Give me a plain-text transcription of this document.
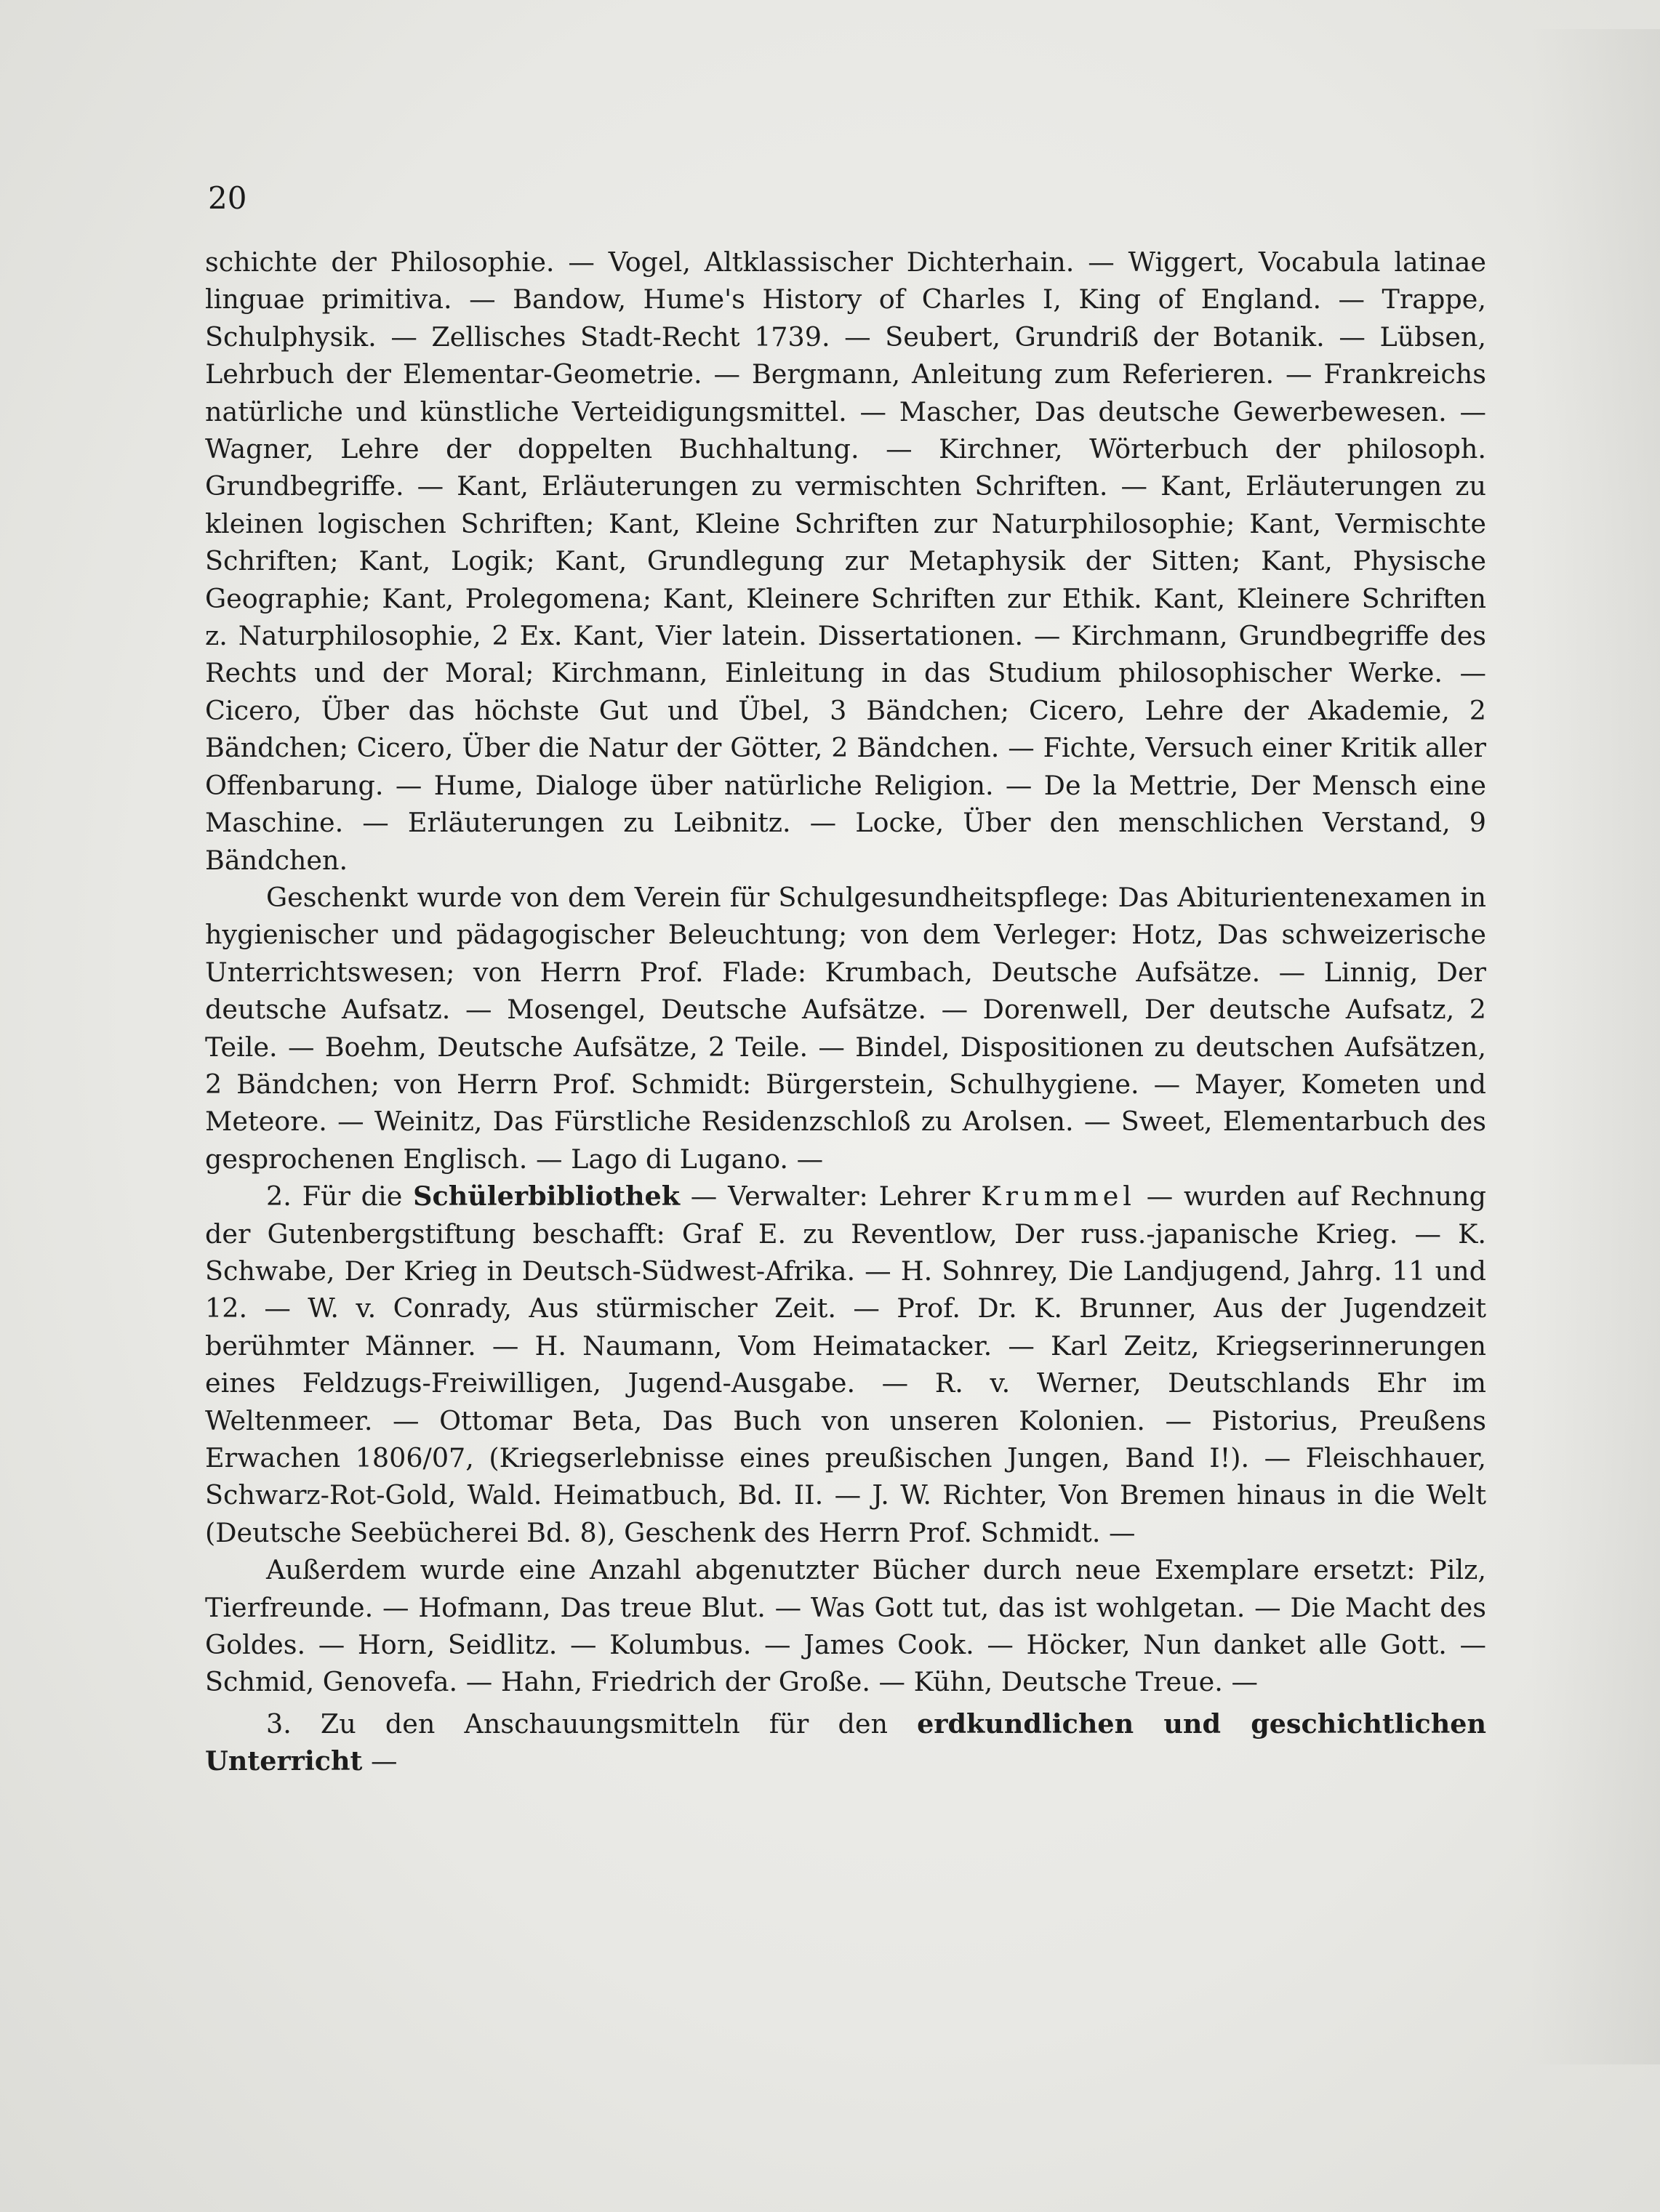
20

schichte der Philosophie. — Vogel, Altklassischer Dichterhain. — Wiggert, Vocabula latinae linguae primitiva. — Bandow, Hume's History of Charles I, King of England. — Trappe, Schulphysik. — Zellisches Stadt-Recht 1739. — Seubert, Grundriß der Botanik. — Lübsen, Lehrbuch der Elementar-Geometrie. — Bergmann, Anleitung zum Referieren. — Frankreichs natürliche und künstliche Verteidigungsmittel. — Mascher, Das deutsche Gewerbewesen. — Wagner, Lehre der doppelten Buchhaltung. — Kirchner, Wörterbuch der philosoph. Grundbegriffe. — Kant, Erläuterungen zu vermischten Schriften. — Kant, Erläuterungen zu kleinen logischen Schriften; Kant, Kleine Schriften zur Naturphilosophie; Kant, Vermischte Schriften; Kant, Logik; Kant, Grundlegung zur Metaphysik der Sitten; Kant, Physische Geographie; Kant, Prolegomena; Kant, Kleinere Schriften zur Ethik. Kant, Kleinere Schriften z. Naturphilosophie, 2 Ex. Kant, Vier latein. Dissertationen. — Kirchmann, Grundbegriffe des Rechts und der Moral; Kirchmann, Einleitung in das Studium philosophischer Werke. — Cicero, Über das höchste Gut und Übel, 3 Bändchen; Cicero, Lehre der Akademie, 2 Bändchen; Cicero, Über die Natur der Götter, 2 Bändchen. — Fichte, Versuch einer Kritik aller Offenbarung. — Hume, Dialoge über natürliche Religion. — De la Mettrie, Der Mensch eine Maschine. — Erläuterungen zu Leibnitz. — Locke, Über den menschlichen Verstand, 9 Bändchen.

Geschenkt wurde von dem Verein für Schulgesundheitspflege: Das Abiturientenexamen in hygienischer und pädagogischer Beleuchtung; von dem Verleger: Hotz, Das schweizerische Unterrichtswesen; von Herrn Prof. Flade: Krumbach, Deutsche Aufsätze. — Linnig, Der deutsche Aufsatz. — Mosengel, Deutsche Aufsätze. — Dorenwell, Der deutsche Aufsatz, 2 Teile. — Boehm, Deutsche Aufsätze, 2 Teile. — Bindel, Dispositionen zu deutschen Aufsätzen, 2 Bändchen; von Herrn Prof. Schmidt: Bürgerstein, Schulhygiene. — Mayer, Kometen und Meteore. — Weinitz, Das Fürstliche Residenzschloß zu Arolsen. — Sweet, Elementarbuch des gesprochenen Englisch. — Lago di Lugano. —

2. Für die Schülerbibliothek — Verwalter: Lehrer Krummel — wurden auf Rechnung der Gutenbergstiftung beschafft: Graf E. zu Reventlow, Der russ.-japanische Krieg. — K. Schwabe, Der Krieg in Deutsch-Südwest-Afrika. — H. Sohnrey, Die Landjugend, Jahrg. 11 und 12. — W. v. Conrady, Aus stürmischer Zeit. — Prof. Dr. K. Brunner, Aus der Jugendzeit berühmter Männer. — H. Naumann, Vom Heimatacker. — Karl Zeitz, Kriegserinnerungen eines Feldzugs-Freiwilligen, Jugend-Ausgabe. — R. v. Werner, Deutschlands Ehr im Weltenmeer. — Ottomar Beta, Das Buch von unseren Kolonien. — Pistorius, Preußens Erwachen 1806/07, (Kriegserlebnisse eines preußischen Jungen, Band I!). — Fleischhauer, Schwarz-Rot-Gold, Wald. Heimatbuch, Bd. II. — J. W. Richter, Von Bremen hinaus in die Welt (Deutsche Seebücherei Bd. 8), Geschenk des Herrn Prof. Schmidt. —

Außerdem wurde eine Anzahl abgenutzter Bücher durch neue Exemplare ersetzt: Pilz, Tierfreunde. — Hofmann, Das treue Blut. — Was Gott tut, das ist wohlgetan. — Die Macht des Goldes. — Horn, Seidlitz. — Kolumbus. — James Cook. — Höcker, Nun danket alle Gott. — Schmid, Genovefa. — Hahn, Friedrich der Große. — Kühn, Deutsche Treue. —

3. Zu den Anschauungsmitteln für den erdkundlichen und geschichtlichen Unterricht —
